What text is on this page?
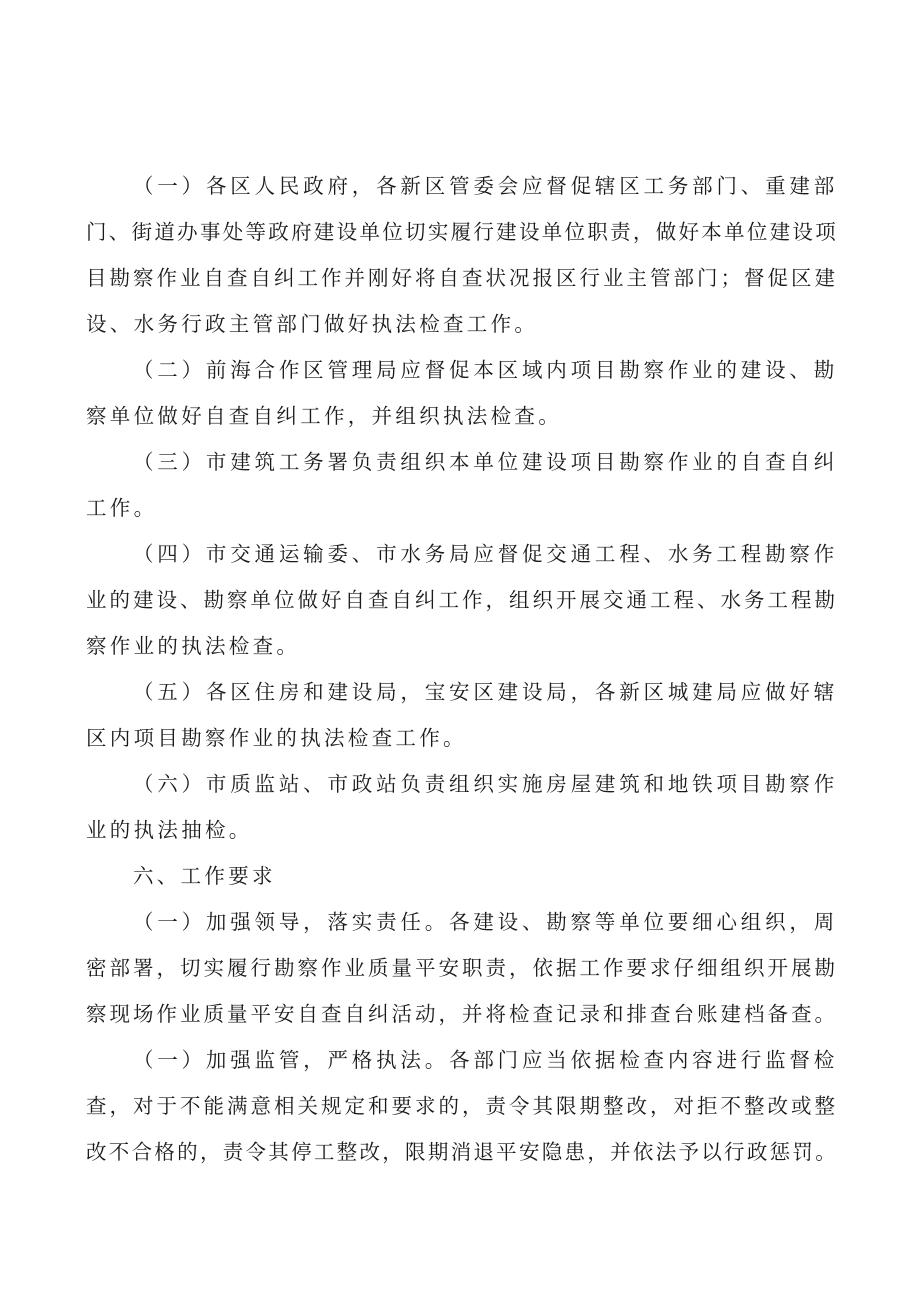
（一）各区人民政府，各新区管委会应督促辖区工务部门、重建部
门、街道办事处等政府建设单位切实履行建设单位职责，做好本单位建设项
目勘察作业自查自纠工作并刚好将自查状况报区行业主管部门；督促区建
设、水务行政主管部门做好执法检查工作。
（二）前海合作区管理局应督促本区域内项目勘察作业的建设、勘
察单位做好自查自纠工作，并组织执法检查。
（三）市建筑工务署负责组织本单位建设项目勘察作业的自查自纠
工作。
（四）市交通运输委、市水务局应督促交通工程、水务工程勘察作
业的建设、勘察单位做好自查自纠工作，组织开展交通工程、水务工程勘
察作业的执法检查。
（五）各区住房和建设局，宝安区建设局，各新区城建局应做好辖
区内项目勘察作业的执法检查工作。
（六）市质监站、市政站负责组织实施房屋建筑和地铁项目勘察作
业的执法抽检。
六、工作要求
（一）加强领导，落实责任。各建设、勘察等单位要细心组织，周
密部署，切实履行勘察作业质量平安职责，依据工作要求仔细组织开展勘
察现场作业质量平安自查自纠活动，并将检查记录和排查台账建档备查。
（一）加强监管，严格执法。各部门应当依据检查内容进行监督检
查，对于不能满意相关规定和要求的，责令其限期整改，对拒不整改或整
改不合格的，责令其停工整改，限期消退平安隐患，并依法予以行政惩罚。
